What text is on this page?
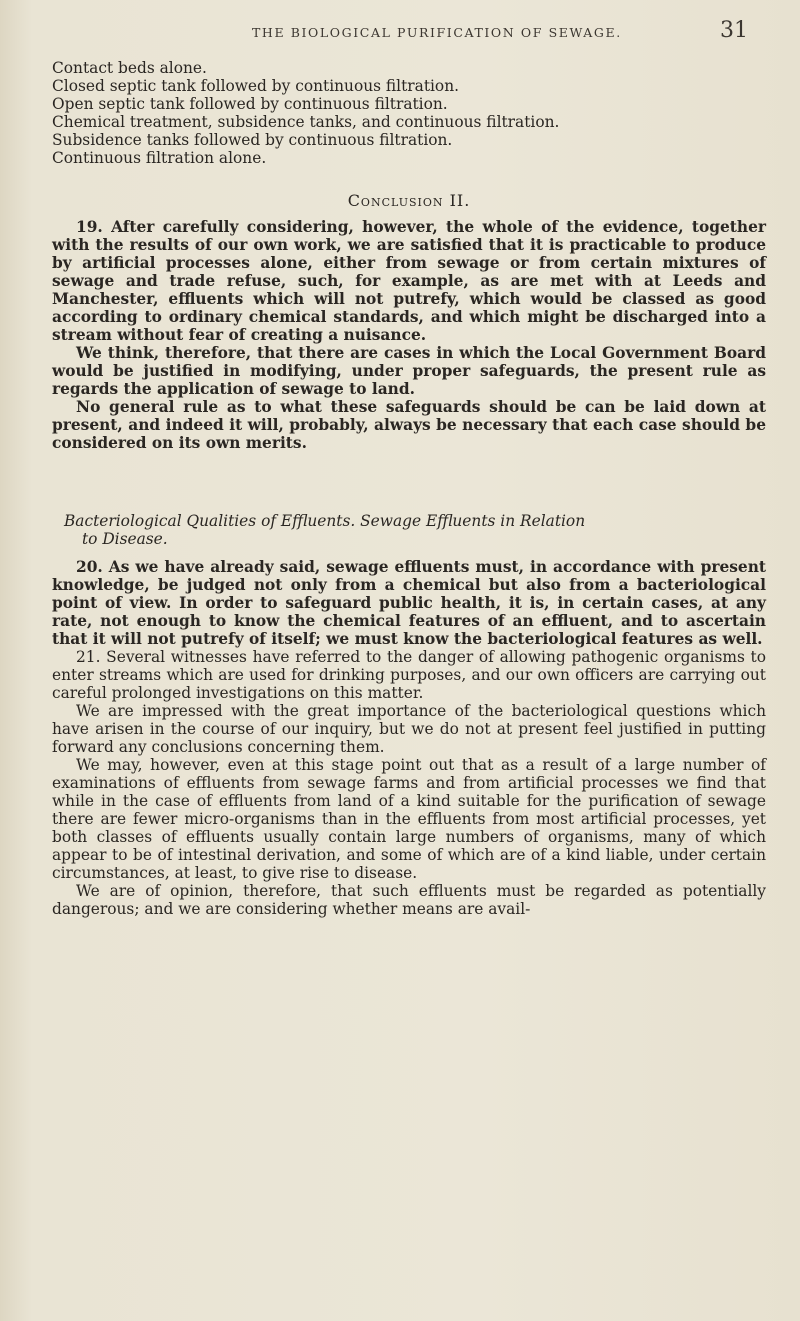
THE BIOLOGICAL PURIFICATION OF SEWAGE.	31
Contact beds alone.
Closed septic tank followed by continuous filtration.
Open septic tank followed by continuous filtration.
Chemical treatment, subsidence tanks, and continuous filtration.
Subsidence tanks followed by continuous filtration.
Continuous filtration alone.
Conclusion II.

19. After carefully considering, however, the whole of the evidence, together with the results of our own work, we are satisfied that it is practicable to produce by artificial processes alone, either from sewage or from certain mixtures of sewage and trade refuse, such, for example, as are met with at Leeds and Manchester, effluents which will not putrefy, which would be classed as good according to ordinary chemical standards, and which might be discharged into a stream without fear of creating a nuisance.

We think, therefore, that there are cases in which the Local Government Board would be justified in modifying, under proper safeguards, the present rule as regards the application of sewage to land.

No general rule as to what these safeguards should be can be laid down at present, and indeed it will, probably, always be necessary that each case should be considered on its own merits.

Bacteriological Qualities of Effluents. Sewage Effluents in Relation
to Disease.

20. As we have already said, sewage effluents must, in accordance with present knowledge, be judged not only from a chemical but also from a bacteriological point of view. In order to safeguard public health, it is, in certain cases, at any rate, not enough to know the chemical features of an effluent, and to ascertain that it will not putrefy of itself; we must know the bacteriological features as well.

21. Several witnesses have referred to the danger of allowing pathogenic organisms to enter streams which are used for drinking purposes, and our own officers are carrying out careful prolonged investigations on this matter.

We are impressed with the great importance of the bacteriological questions which have arisen in the course of our inquiry, but we do not at present feel justified in putting forward any conclusions concerning them.

We may, however, even at this stage point out that as a result of a large number of examinations of effluents from sewage farms and from artificial processes we find that while in the case of effluents from land of a kind suitable for the purification of sewage there are fewer micro-organisms than in the effluents from most artificial processes, yet both classes of effluents usually contain large numbers of organisms, many of which appear to be of intestinal derivation, and some of which are of a kind liable, under certain circumstances, at least, to give rise to disease.

We are of opinion, therefore, that such effluents must be regarded as potentially dangerous; and we are considering whether means are avail-
